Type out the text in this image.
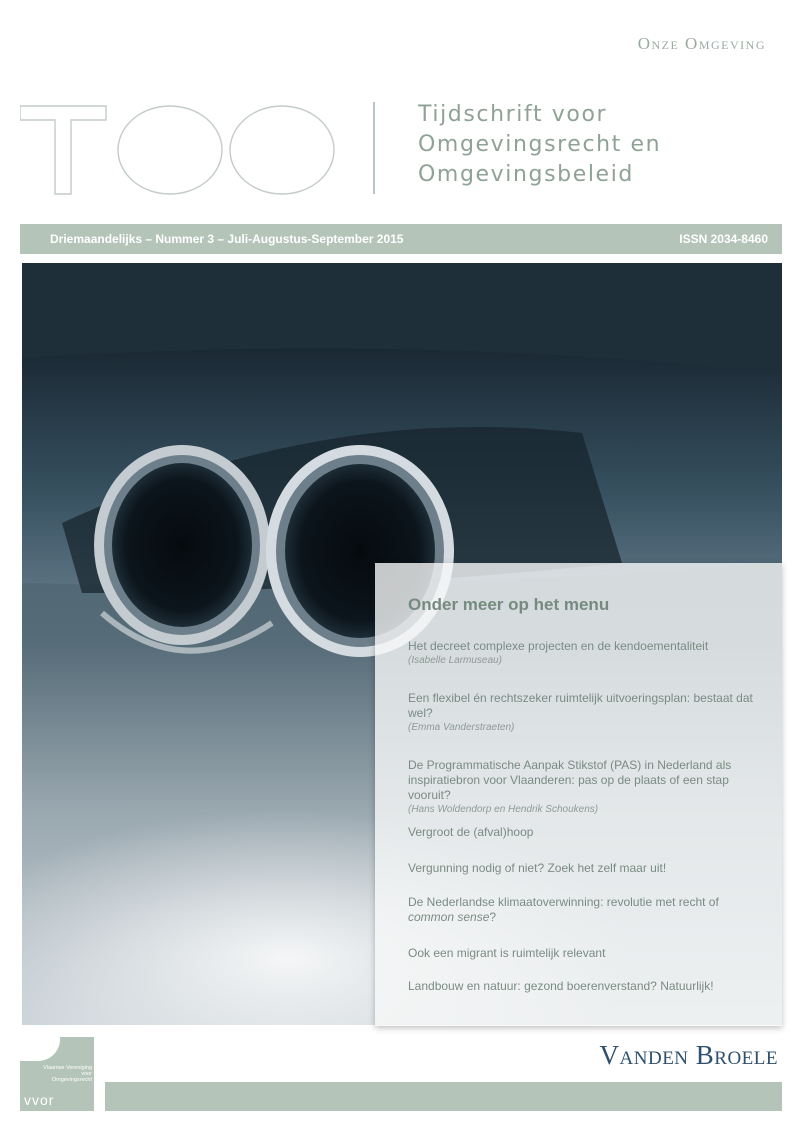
Onze Omgeving
Tijdschrift voor
Omgevingsrecht en
Omgevingsbeleid
Driemaandelijks – Nummer 3 – Juli-Augustus-September 2015	ISSN 2034-8460
Onder meer op het menu
Het decreet complexe projecten en de kendoementaliteit
(Isabelle Larmuseau)
Een flexibel én rechtszeker ruimtelijk uitvoeringsplan: bestaat dat wel?
(Emma Vanderstraeten)
De Programmatische Aanpak Stikstof (PAS) in Nederland als inspiratiebron voor Vlaanderen: pas op de plaats of een stap vooruit?
(Hans Woldendorp en Hendrik Schoukens)
Vergroot de (afval)hoop
Vergunning nodig of niet? Zoek het zelf maar uit!
De Nederlandse klimaatoverwinning: revolutie met recht of common sense?
Ook een migrant is ruimtelijk relevant
Landbouw en natuur: gezond boerenverstand? Natuurlijk!
Vlaamse Vereniging voor Omgevingsrecht
vvor
Vanden Broele
